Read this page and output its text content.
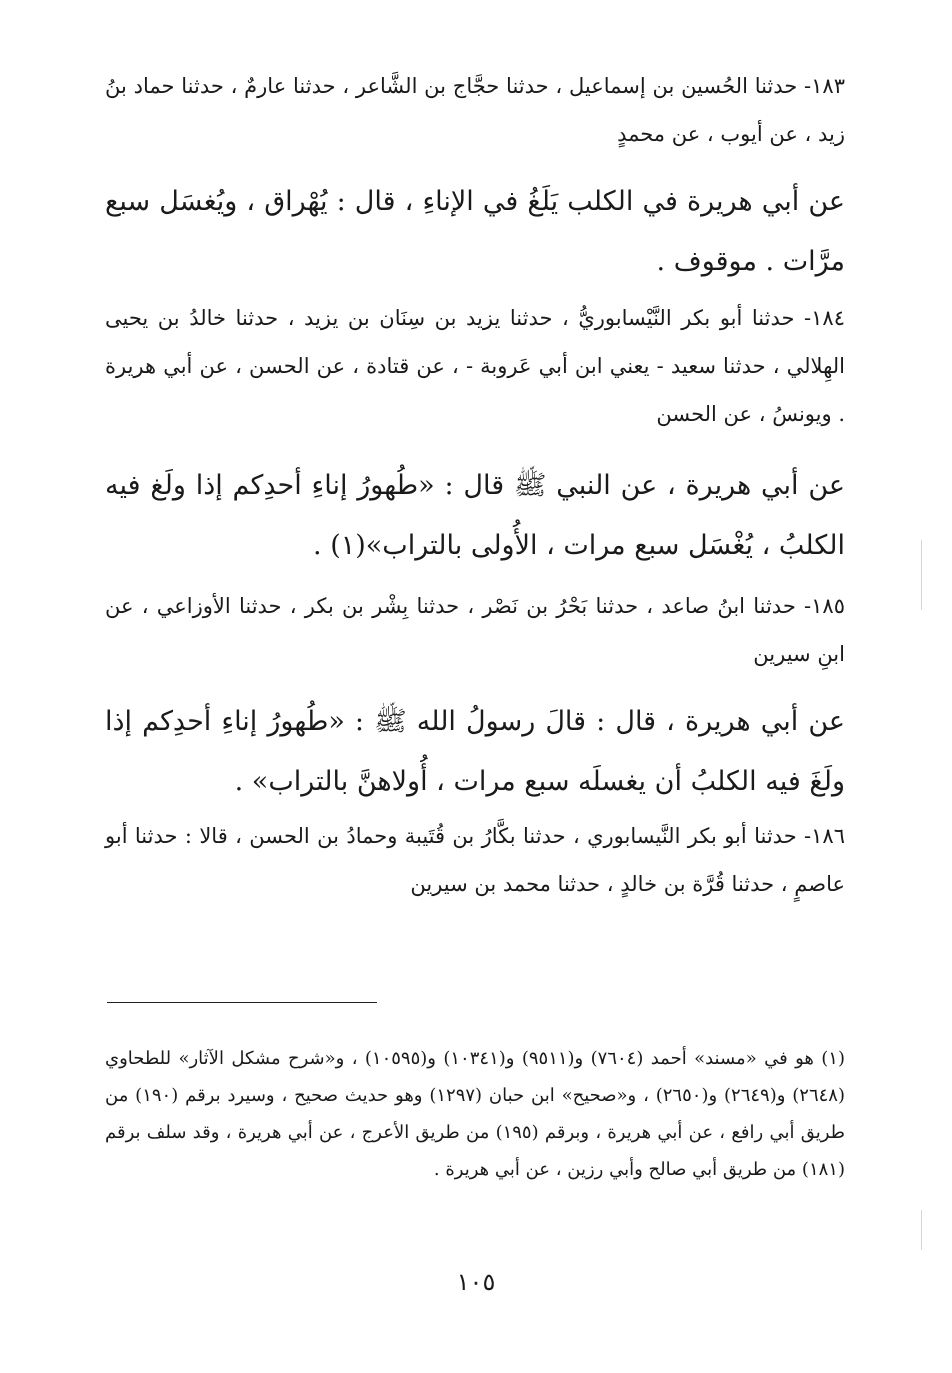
١٨٣- حدثنا الحُسين بن إسماعيل ، حدثنا حجَّاج بن الشَّاعر ، حدثنا عارمٌ ، حدثنا حماد بنُ زيد ، عن أيوب ، عن محمدٍ

عن أبي هريرة في الكلب يَلَغُ في الإناءِ ، قال : يُهْراق ، ويُغسَل سبع مرَّات . موقوف .

١٨٤- حدثنا أبو بكر النَّيْسابوريُّ ، حدثنا يزيد بن سِنَان بن يزيد ، حدثنا خالدُ بن يحيى الهِلالي ، حدثنا سعيد - يعني ابن أبي عَروبة - ، عن قتادة ، عن الحسن ، عن أبي هريرة . ويونسُ ، عن الحسن

عن أبي هريرة ، عن النبي ﷺ قال : «طُهورُ إناءِ أحدِكم إذا ولَغ فيه الكلبُ ، يُغْسَل سبع مرات ، الأُولى بالتراب»(١) .

١٨٥- حدثنا ابنُ صاعد ، حدثنا بَحْرُ بن نَصْر ، حدثنا بِشْر بن بكر ، حدثنا الأوزاعي ، عن ابنِ سيرين

عن أبي هريرة ، قال : قالَ رسولُ الله ﷺ : «طُهورُ إناءِ أحدِكم إذا ولَغَ فيه الكلبُ أن يغسلَه سبع مرات ، أُولاهنَّ بالتراب» .

١٨٦- حدثنا أبو بكر النَّيسابوري ، حدثنا بكَّارُ بن قُتَيبة وحمادُ بن الحسن ، قالا : حدثنا أبو عاصمٍ ، حدثنا قُرَّة بن خالدٍ ، حدثنا محمد بن سيرين

(١) هو في «مسند» أحمد (٧٦٠٤) و(٩٥١١) و(١٠٣٤١) و(١٠٥٩٥) ، و«شرح مشكل الآثار» للطحاوي (٢٦٤٨) و(٢٦٤٩) و(٢٦٥٠) ، و«صحيح» ابن حبان (١٢٩٧) وهو حديث صحيح ، وسيرد برقم (١٩٠) من طريق أبي رافع ، عن أبي هريرة ، وبرقم (١٩٥) من طريق الأعرج ، عن أبي هريرة ، وقد سلف برقم (١٨١) من طريق أبي صالح وأبي رزين ، عن أبي هريرة .

١٠٥
